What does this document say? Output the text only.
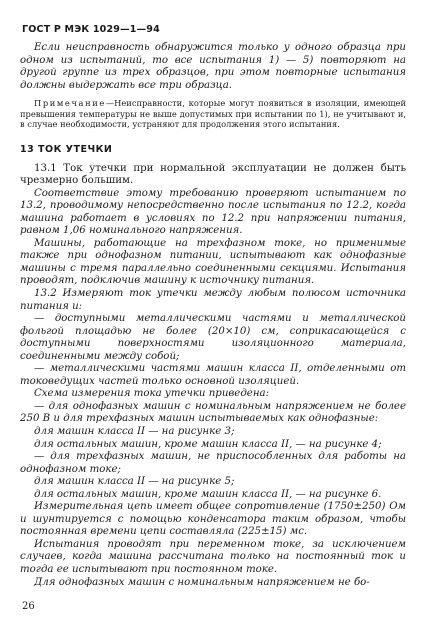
ГОСТ Р МЭК 1029—1—94

Если неисправность обнаружится только у одного образца при одном из испытаний, то все испытания 1) — 5) повторяют на другой группе из трех образцов, при этом повторные испытания должны выдержать все три образца.

Примечание—Неисправности, которые могут появиться в изоляции, имеющей превышения температуры не выше допустимых при испытании по 1), не учитывают и, в случае необходимости, устраняют для продолжения этого испытания.

13 ТОК УТЕЧКИ

13.1 Ток утечки при нормальной эксплуатации не должен быть чрезмерно большим.

Соответствие этому требованию проверяют испытанием по 13.2, проводимому непосредственно после испытания по 12.2, когда машина работает в условиях по 12.2 при напряжении питания, равном 1,06 номинального напряжения.

Машины, работающие на трехфазном токе, но применимые также при однофазном питании, испытывают как однофазные машины с тремя параллельно соединенными секциями. Испытания проводят, подключив машину к источнику питания.

13.2 Измеряют ток утечки между любым полюсом источника питания и:

— доступными металлическими частями и металлической фольгой площадью не более (20×10) см, соприкасающейся с доступными поверхностями изоляционного материала, соединенными между собой;

— металлическими частями машин класса II, отделенными от токоведущих частей только основной изоляцией.

Схема измерения тока утечки приведена:

— для однофазных машин с номинальным напряжением не более 250 В и для трехфазных машин испытываемых как однофазные:

для машин класса II — на рисунке 3;

для остальных машин, кроме машин класса II, — на рисунке 4;

— для трехфазных машин, не приспособленных для работы на однофазном токе;

для машин класса II — на рисунке 5;

для остальных машин, кроме машин класса II, — на рисунке 6.

Измерительная цепь имеет общее сопротивление (1750±250) Ом и шунтируется с помощью конденсатора таким образом, чтобы постоянная времени цепи составляла (225±15) мс.

Испытания проводят при переменном токе, за исключением случаев, когда машина рассчитана только на постоянный ток и тогда ее испытывают при постоянном токе.

Для однофазных машин с номинальным напряжением не бо-

26
